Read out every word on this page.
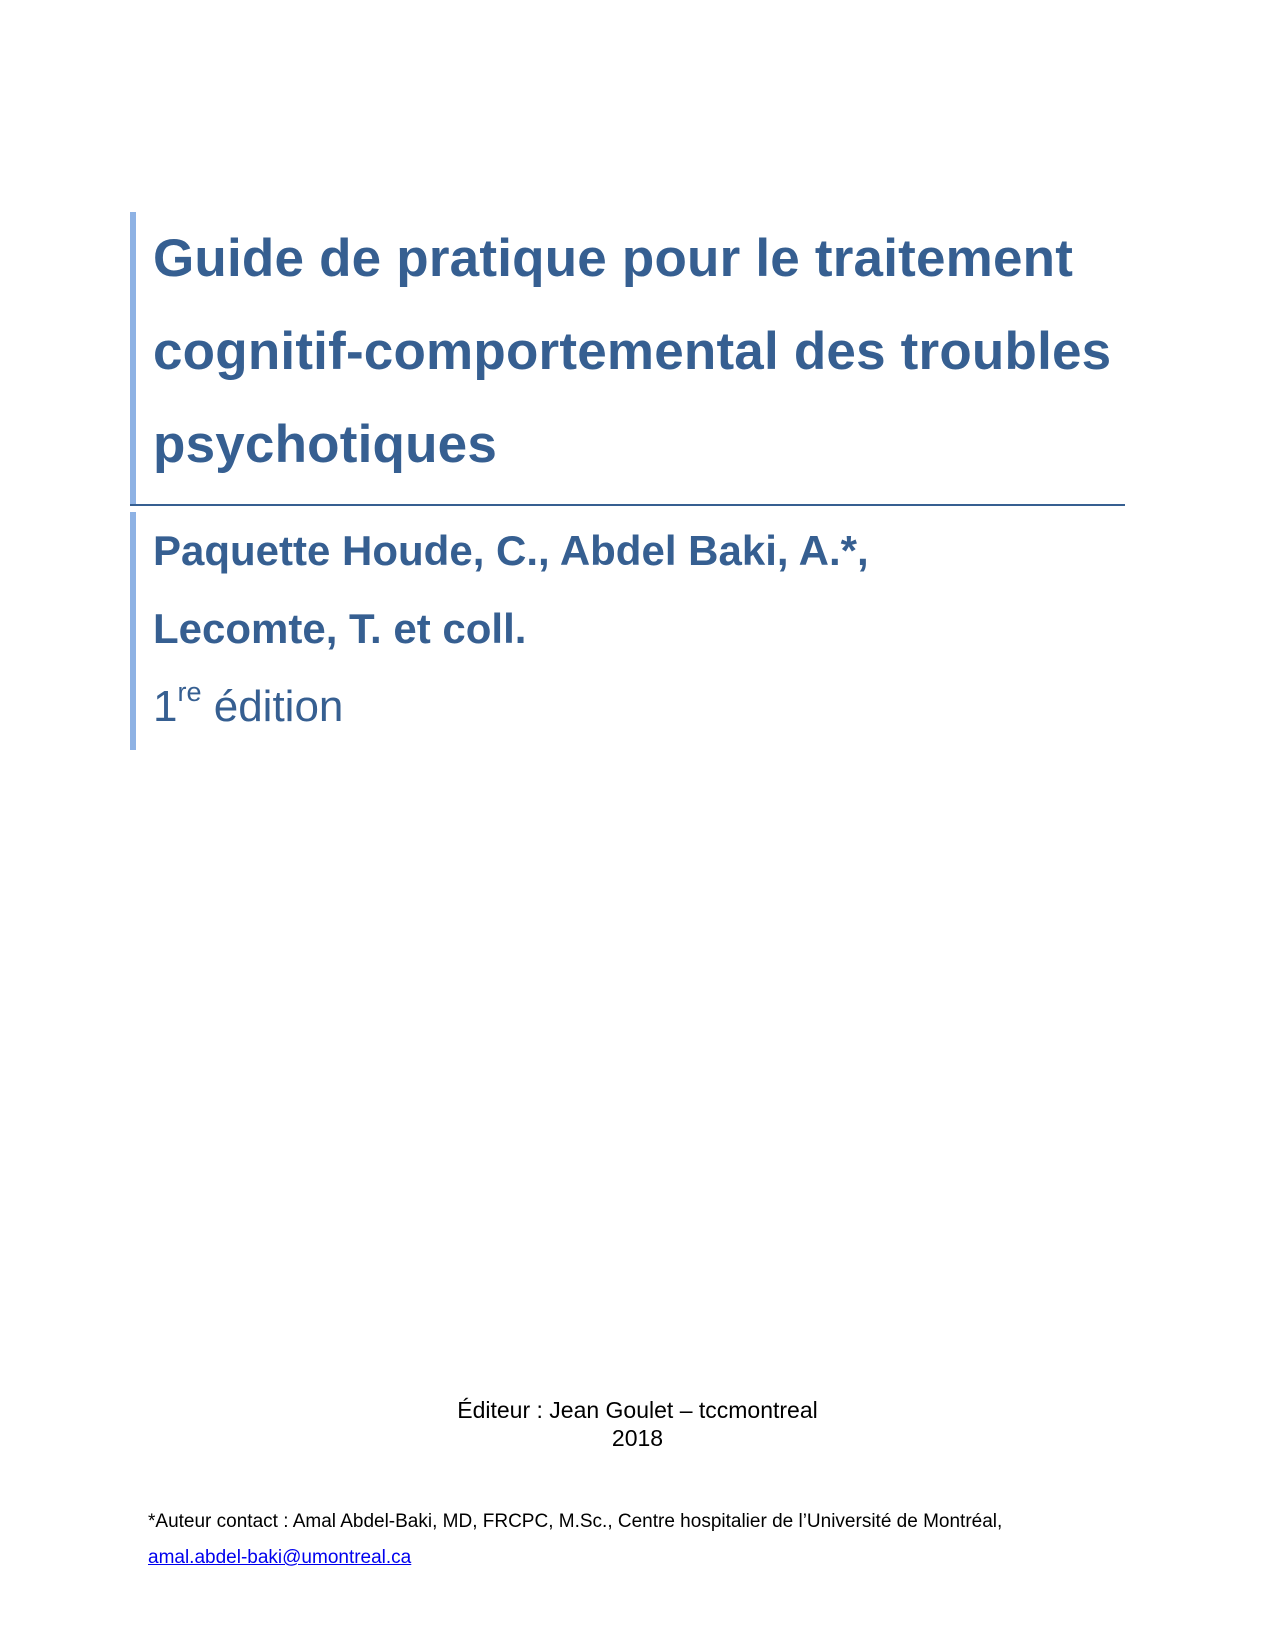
Guide de pratique pour le traitement cognitif-comportemental des troubles psychotiques

Paquette Houde, C., Abdel Baki, A.*,
Lecomte, T. et coll.

1re édition
Éditeur : Jean Goulet – tccmontreal
2018
*Auteur contact : Amal Abdel-Baki, MD, FRCPC, M.Sc., Centre hospitalier de l’Université de Montréal,
amal.abdel-baki@umontreal.ca
